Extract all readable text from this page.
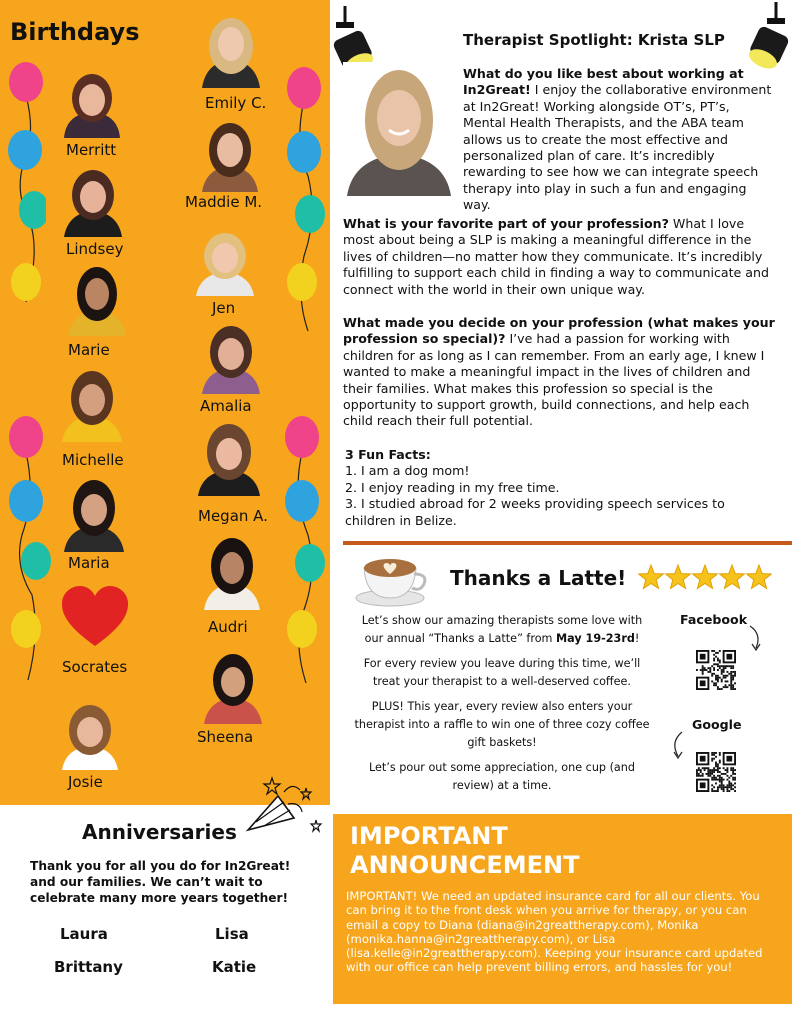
Birthdays
Merritt
Emily C.
Maddie M.
Lindsey
Jen
Marie
Amalia
Michelle
Megan A.
Maria
Audri
Socrates
Sheena
Josie
Therapist Spotlight: Krista SLP
What do you like best about working at In2Great! I enjoy the collaborative environment at In2Great! Working alongside OT’s, PT’s, Mental Health Therapists, and the ABA team allows us to create the most effective and personalized plan of care. It’s incredibly rewarding to see how we can integrate speech therapy into play in such a fun and engaging way.
What is your favorite part of your profession? What I love most about being a SLP is making a meaningful difference in the lives of children—no matter how they communicate. It’s incredibly fulfilling to support each child in finding a way to communicate and connect with the world in their own unique way.
What made you decide on your profession (what makes your profession so special)? I’ve had a passion for working with children for as long as I can remember. From an early age, I knew I wanted to make a meaningful impact in the lives of children and their families. What makes this profession so special is the opportunity to support growth, build connections, and help each child reach their full potential.
3 Fun Facts:
1. I am a dog mom!
2. I enjoy reading in my free time.
3. I studied abroad for 2 weeks providing speech services to children in Belize.
Thanks a Latte!
Let’s show our amazing therapists some love with our annual “Thanks a Latte” from May 19-23rd!
For every review you leave during this time, we’ll treat your therapist to a well-deserved coffee.
PLUS! This year, every review also enters your therapist into a raffle to win one of three cozy coffee gift baskets!
Let’s pour out some appreciation, one cup (and review) at a time.
Facebook
Google
Anniversaries
Thank you for all you do for In2Great! and our families. We can’t wait to celebrate many more years together!
Laura	Lisa
Brittany	Katie
IMPORTANT ANNOUNCEMENT
IMPORTANT! We need an updated insurance card for all our clients. You can bring it to the front desk when you arrive for therapy, or you can email a copy to Diana (diana@in2greattherapy.com), Monika (monika.hanna@in2greattherapy.com), or Lisa (lisa.kelle@in2greattherapy.com). Keeping your insurance card updated with our office can help prevent billing errors, and hassles for you!
